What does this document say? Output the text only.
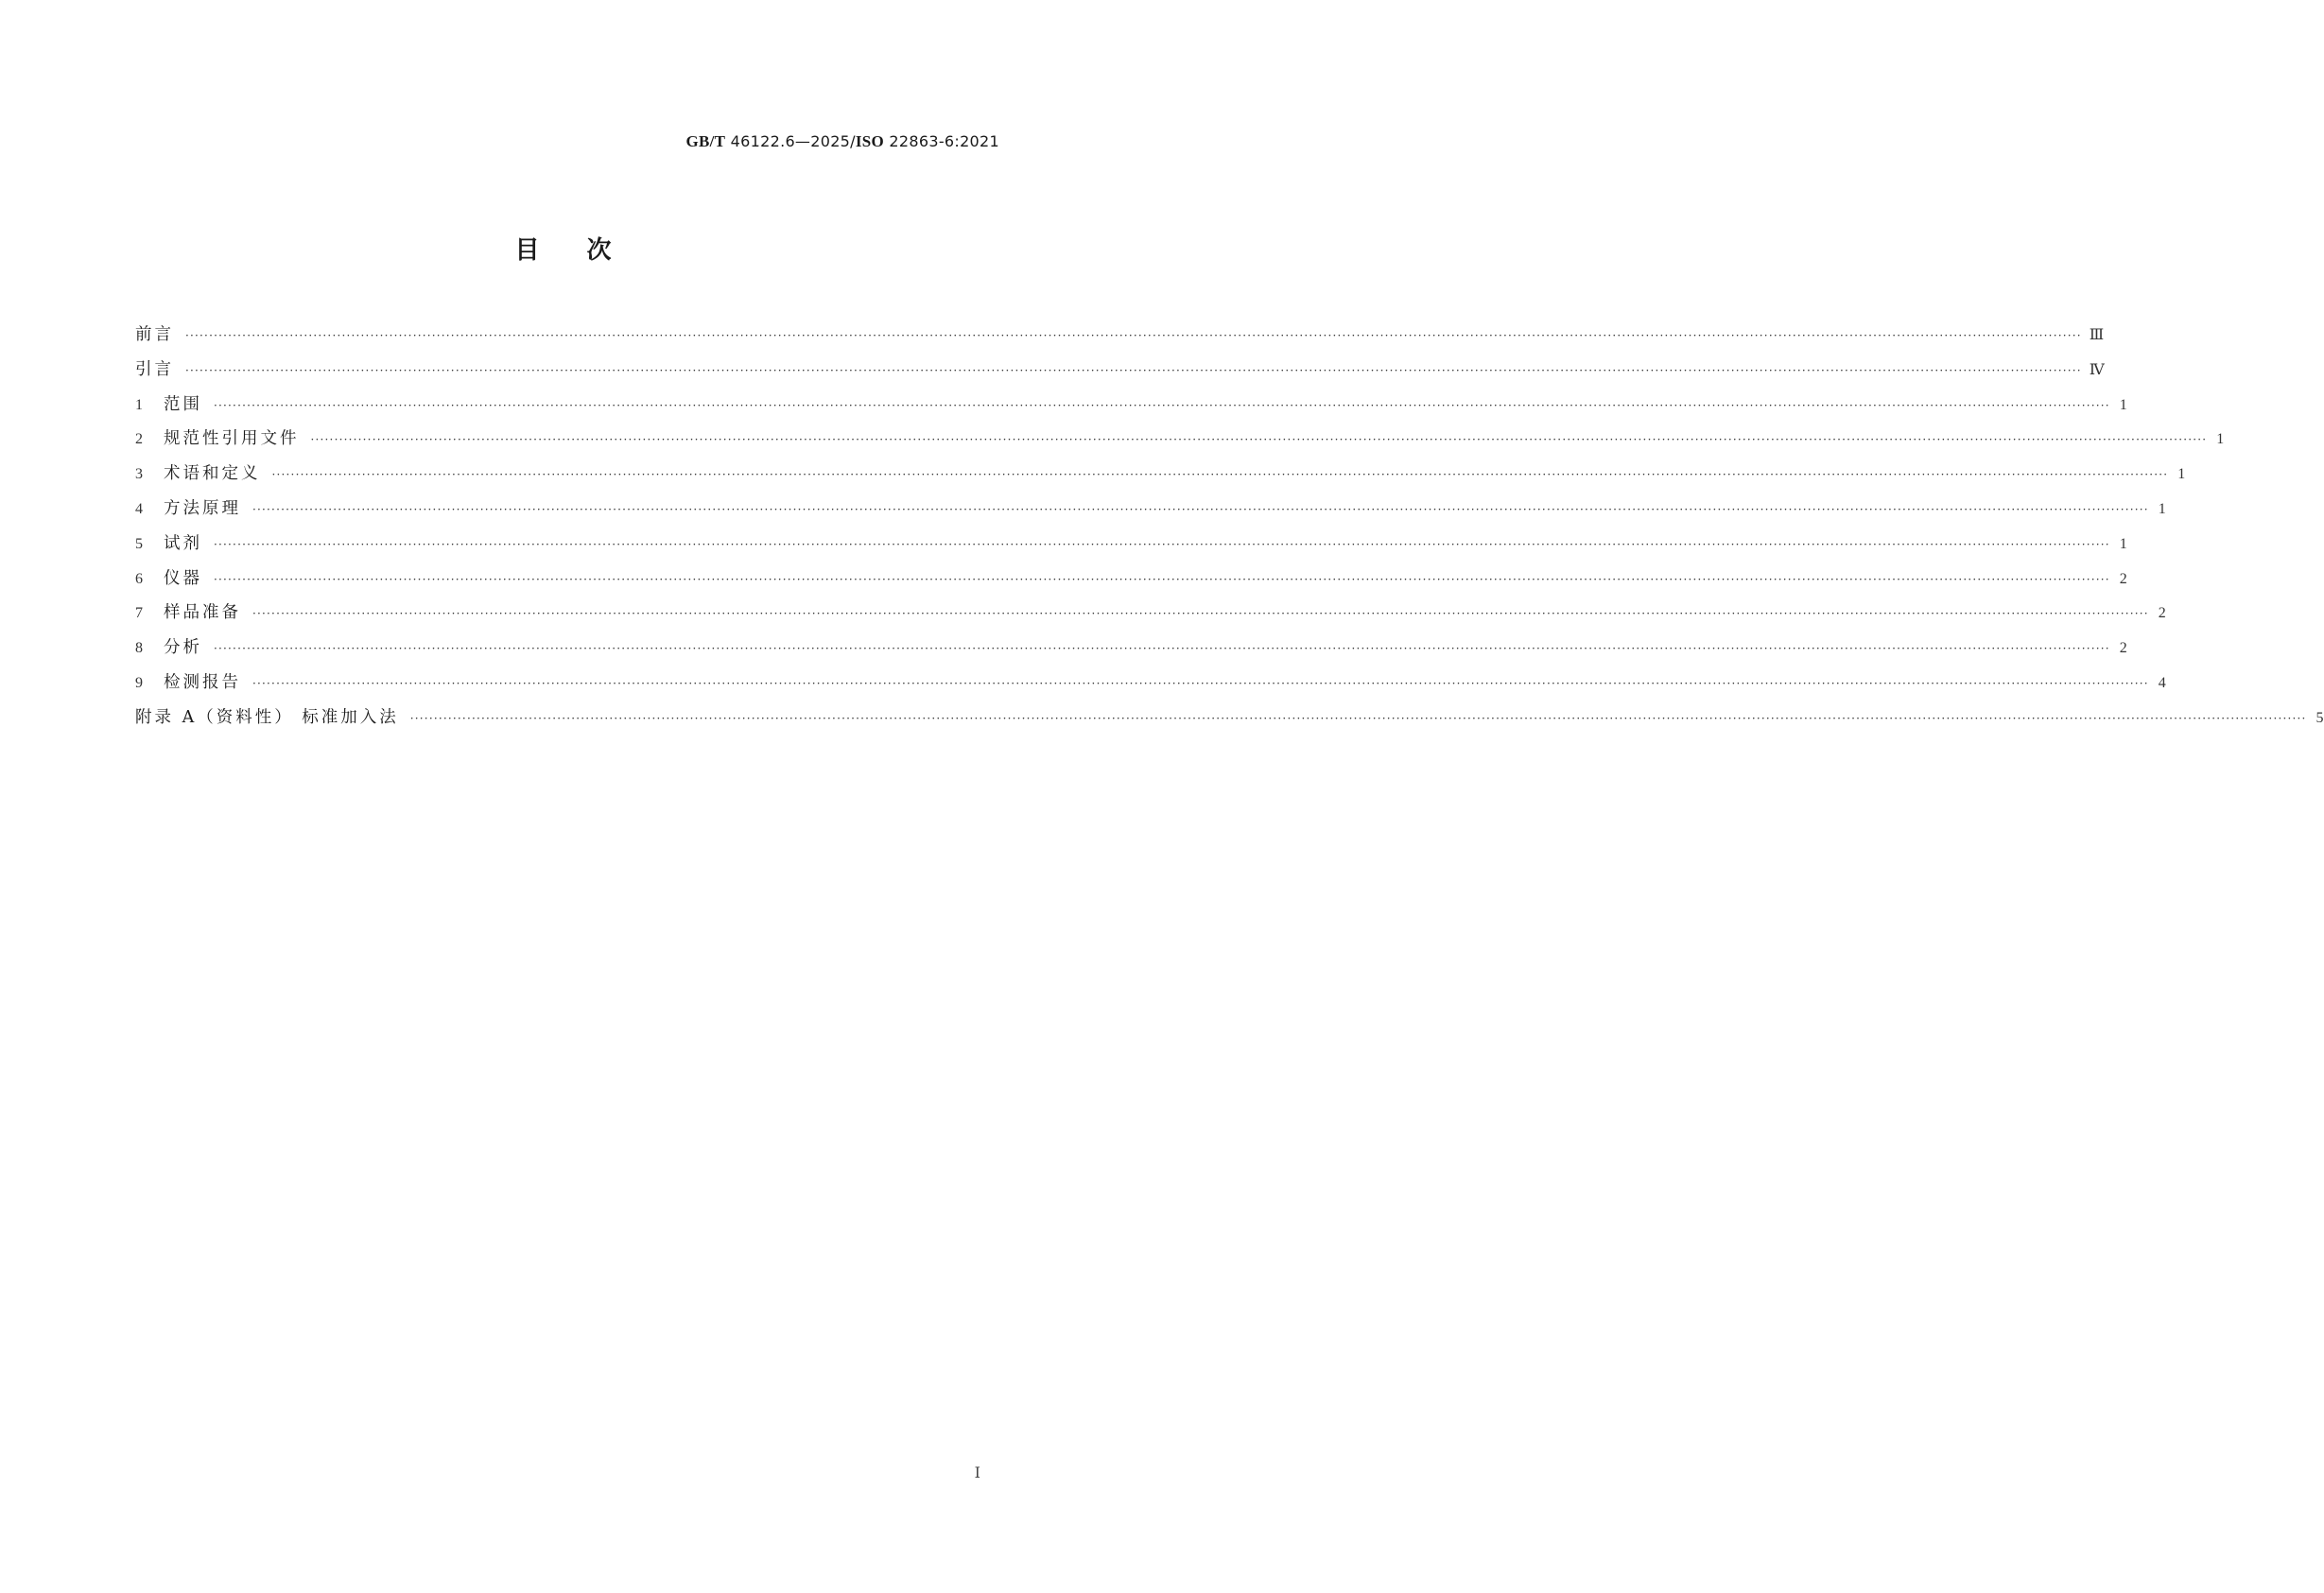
GB/T 46122.6—2025/ISO 22863-6:2021
目次
前言 ················································································································································································································································································································································································································ Ⅲ
引言 ················································································································································································································································································································································································································ Ⅳ
1	范围 ················································································································································································································································································································································································································ 1
2	规范性引用文件 ················································································································································································································································································································································································································ 1
3	术语和定义 ················································································································································································································································································································································································································ 1
4	方法原理 ················································································································································································································································································································································································································ 1
5	试剂 ················································································································································································································································································································································································································ 1
6	仪器 ················································································································································································································································································································································································································ 2
7	样品准备 ················································································································································································································································································································································································································ 2
8	分析 ················································································································································································································································································································································································································ 2
9	检测报告 ················································································································································································································································································································································································································ 4
附录 A（资料性） 标准加入法 ················································································································································································································································································································································································································ 5
Ⅰ
